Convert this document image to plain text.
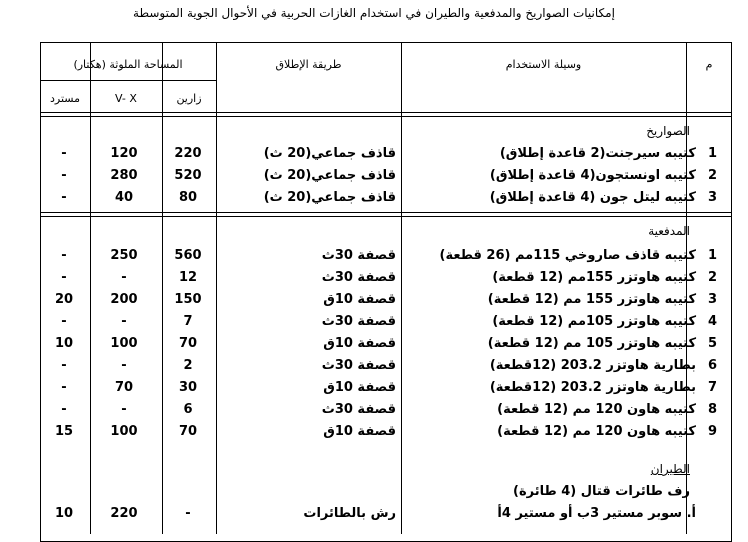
إمكانيات الصواريخ والمدفعية والطيران في استخدام الغازات الحربية في الأحوال الجوية المتوسطة
م
وسيلة الاستخدام
طريقة الإطلاق
المساحة الملوثة (هكتار)
زارين
V- X
مسترد
الصواريخ
1
كتيبه سيرجنت(2 قاعدة إطلاق)
قاذف جماعي(20 ث)
220
120
-
2
كتيبه اونستجون(4 قاعدة إطلاق)
قاذف جماعي(20 ث)
520
280
-
3
كتيبه ليتل جون (4 قاعدة إطلاق)
قاذف جماعي(20 ث)
80
40
-
المدفعية
1
كتيبه قاذف صاروخي 115مم (26 قطعة)
قصفة 30ث
560
250
-
2
كتيبه هاوتزر 155مم (12 قطعة)
قصفة 30ث
12
-
-
3
كتيبه هاوتزر 155 مم (12 قطعة)
قصفة 10ق
150
200
20
4
كتيبه هاوتزر 105مم (12 قطعة)
قصفة 30ث
7
-
-
5
كتيبه هاوتزر 105 مم (12 قطعة)
قصفة 10ق
70
100
10
6
بطارية هاوتزر 203.2 (12قطعة)
قصفة 30ث
2
-
-
7
بطارية هاوتزر 203.2 (12قطعة)
قصفة 10ق
30
70
-
8
كتيبه هاون 120 مم (12 قطعة)
قصفة 30ث
6
-
-
9
كتيبه هاون 120 مم (12 قطعة)
قصفة 10ق
70
100
15
الطيران
رف طائرات قتال (4 طائرة)
أ. سوبر مستير 3ب أو مستير 4أ
رش بالطائرات
-
220
10
